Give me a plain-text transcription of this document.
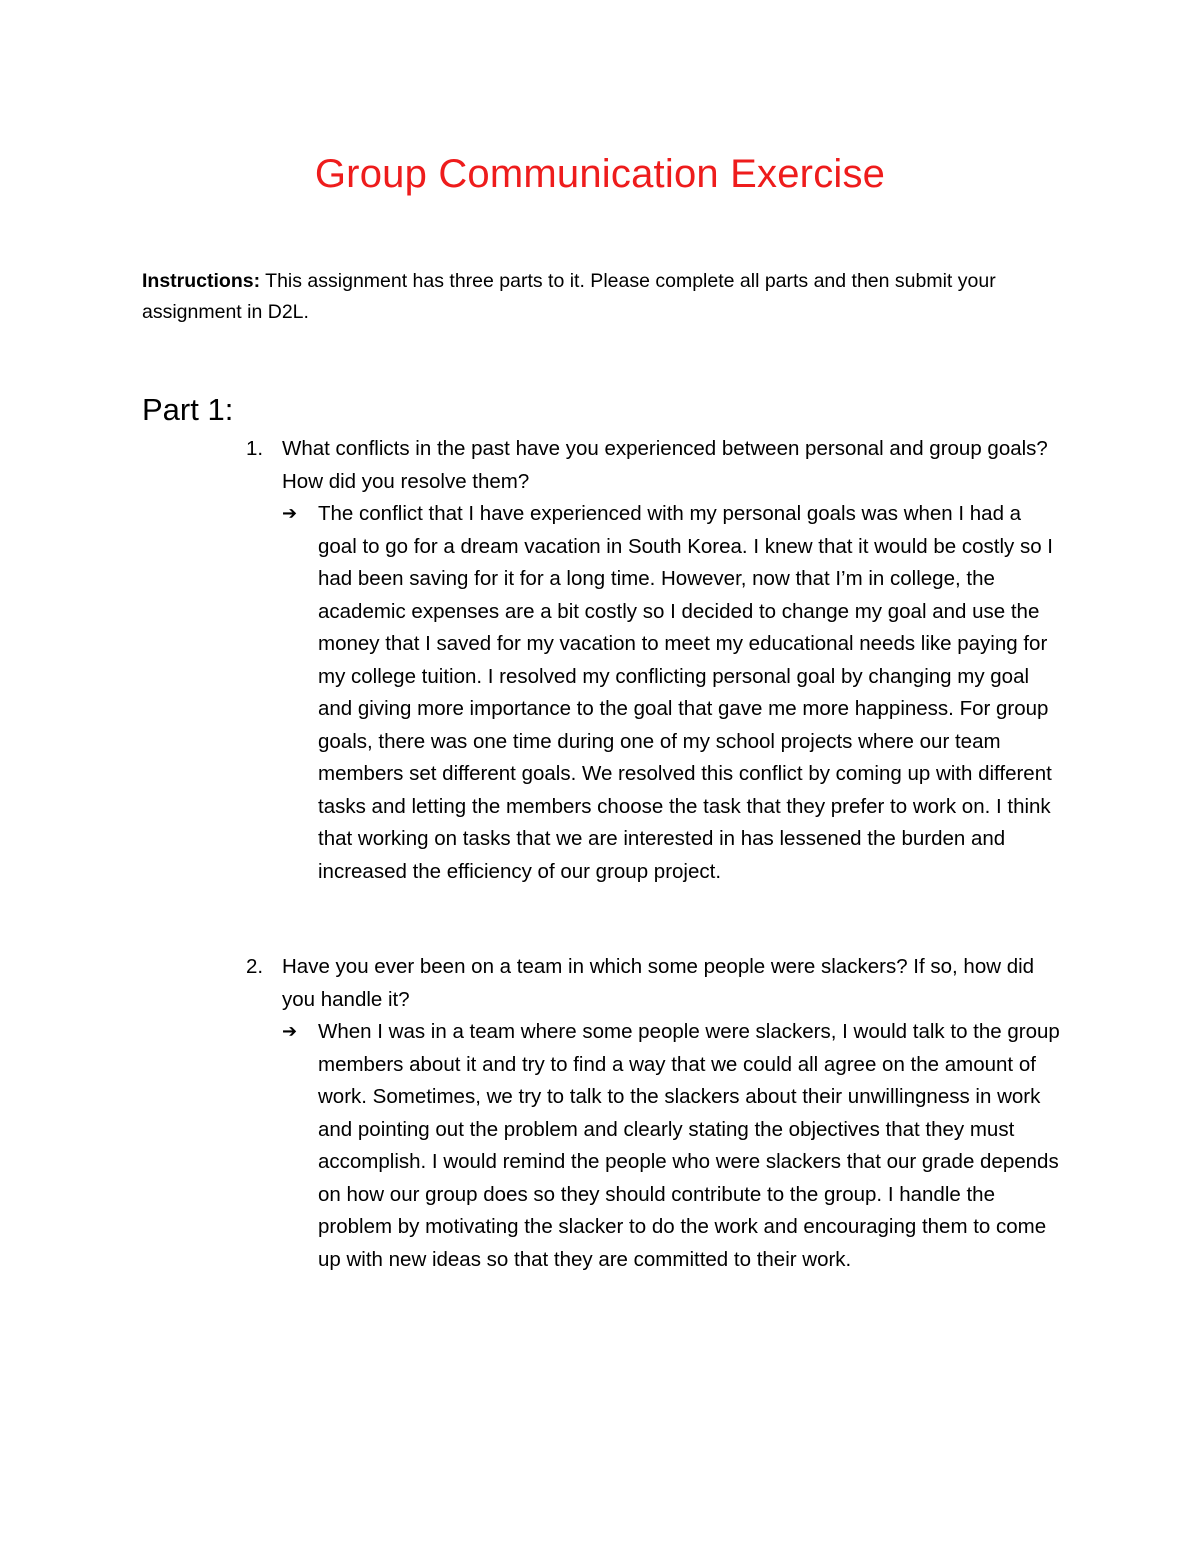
Group Communication Exercise
Instructions: This assignment has three parts to it. Please complete all parts and then submit your assignment in D2L.
Part 1:
1. What conflicts in the past have you experienced between personal and group goals? How did you resolve them?
➔ The conflict that I have experienced with my personal goals was when I had a goal to go for a dream vacation in South Korea. I knew that it would be costly so I had been saving for it for a long time. However, now that I’m in college, the academic expenses are a bit costly so I decided to change my goal and use the money that I saved for my vacation to meet my educational needs like paying for my college tuition. I resolved my conflicting personal goal by changing my goal and giving more importance to the goal that gave me more happiness. For group goals, there was one time during one of my school projects where our team members set different goals. We resolved this conflict by coming up with different tasks and letting the members choose the task that they prefer to work on. I think that working on tasks that we are interested in has lessened the burden and increased the efficiency of our group project.
2. Have you ever been on a team in which some people were slackers? If so, how did you handle it?
➔ When I was in a team where some people were slackers, I would talk to the group members about it and try to find a way that we could all agree on the amount of work. Sometimes, we try to talk to the slackers about their unwillingness in work and pointing out the problem and clearly stating the objectives that they must accomplish. I would remind the people who were slackers that our grade depends on how our group does so they should contribute to the group. I handle the problem by motivating the slacker to do the work and encouraging them to come up with new ideas so that they are committed to their work.
